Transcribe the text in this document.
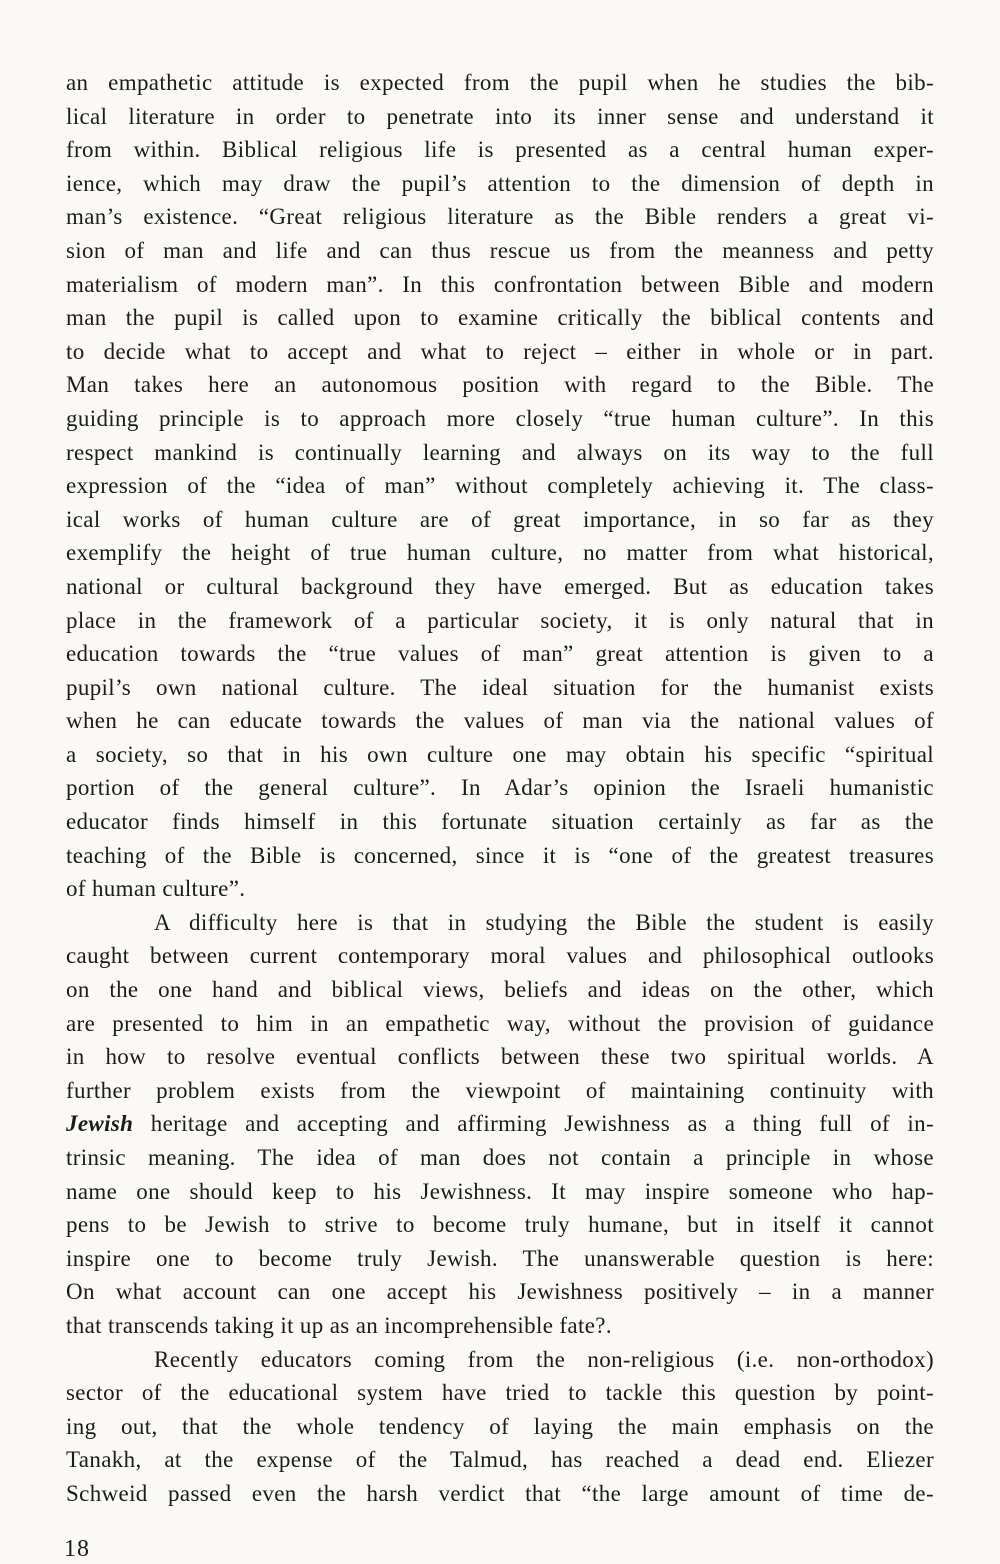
an empathetic attitude is expected from the pupil when he studies the bib-
lical literature in order to penetrate into its inner sense and understand it
from within. Biblical religious life is presented as a central human exper-
ience, which may draw the pupil’s attention to the dimension of depth in
man’s existence. “Great religious literature as the Bible renders a great vi-
sion of man and life and can thus rescue us from the meanness and petty
materialism of modern man”. In this confrontation between Bible and modern
man the pupil is called upon to examine critically the biblical contents and
to decide what to accept and what to reject – either in whole or in part.
Man takes here an autonomous position with regard to the Bible. The
guiding principle is to approach more closely “true human culture”. In this
respect mankind is continually learning and always on its way to the full
expression of the “idea of man” without completely achieving it. The class-
ical works of human culture are of great importance, in so far as they
exemplify the height of true human culture, no matter from what historical,
national or cultural background they have emerged. But as education takes
place in the framework of a particular society, it is only natural that in
education towards the “true values of man” great attention is given to a
pupil’s own national culture. The ideal situation for the humanist exists
when he can educate towards the values of man via the national values of
a society, so that in his own culture one may obtain his specific “spiritual
portion of the general culture”. In Adar’s opinion the Israeli humanistic
educator finds himself in this fortunate situation certainly as far as the
teaching of the Bible is concerned, since it is “one of the greatest treasures
of human culture”.
A difficulty here is that in studying the Bible the student is easily
caught between current contemporary moral values and philosophical outlooks
on the one hand and biblical views, beliefs and ideas on the other, which
are presented to him in an empathetic way, without the provision of guidance
in how to resolve eventual conflicts between these two spiritual worlds. A
further problem exists from the viewpoint of maintaining continuity with
Jewish heritage and accepting and affirming Jewishness as a thing full of in-
trinsic meaning. The idea of man does not contain a principle in whose
name one should keep to his Jewishness. It may inspire someone who hap-
pens to be Jewish to strive to become truly humane, but in itself it cannot
inspire one to become truly Jewish. The unanswerable question is here:
On what account can one accept his Jewishness positively – in a manner
that transcends taking it up as an incomprehensible fate?.
Recently educators coming from the non-religious (i.e. non-orthodox)
sector of the educational system have tried to tackle this question by point-
ing out, that the whole tendency of laying the main emphasis on the
Tanakh, at the expense of the Talmud, has reached a dead end. Eliezer
Schweid passed even the harsh verdict that “the large amount of time de-
18
